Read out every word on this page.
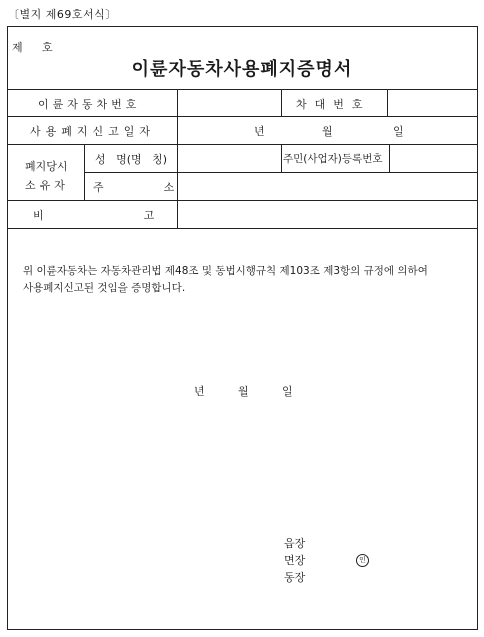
〔별지 제69호서식〕
제 호
이륜자동차사용폐지증명서
이륜자동차번호	차대번호
사용폐지신고일자	년	월	일
폐지당시
소유자
성 명(명 칭)	주민(사업자)등록번호
주소
비고
위 이륜자동차는 자동차관리법 제48조 및 동법시행규칙 제103조 제3항의 규정에 의하여
사용폐지신고된 것임을 증명합니다.
년	월	일
읍장
면장
동장
인
